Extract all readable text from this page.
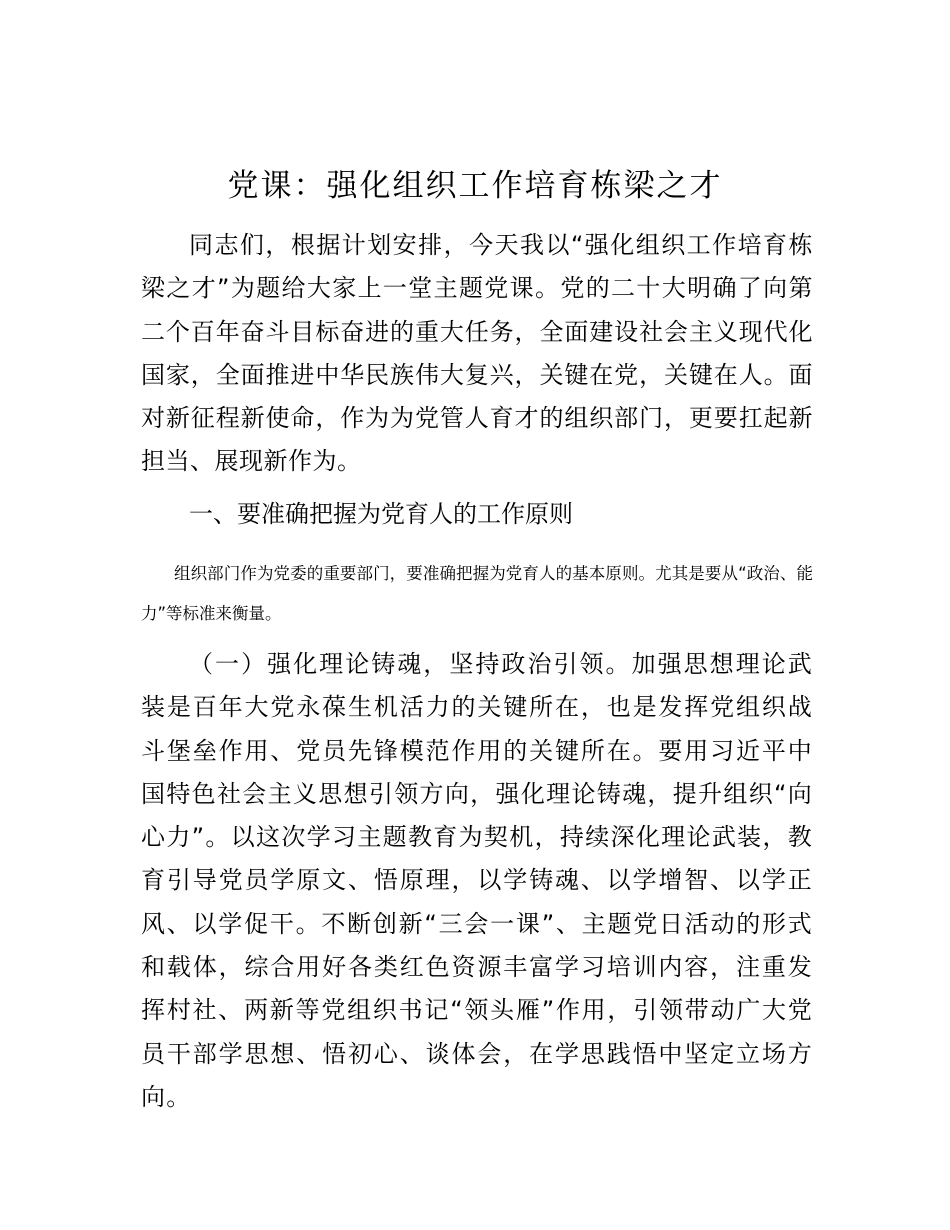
党课：强化组织工作培育栋梁之才

同志们，根据计划安排，今天我以“强化组织工作培育栋梁之才”为题给大家上一堂主题党课。党的二十大明确了向第二个百年奋斗目标奋进的重大任务，全面建设社会主义现代化国家，全面推进中华民族伟大复兴，关键在党，关键在人。面对新征程新使命，作为为党管人育才的组织部门，更要扛起新担当、展现新作为。

一、要准确把握为党育人的工作原则

组织部门作为党委的重要部门，要准确把握为党育人的基本原则。尤其是要从“政治、能力”等标准来衡量。

（一）强化理论铸魂，坚持政治引领。加强思想理论武装是百年大党永葆生机活力的关键所在，也是发挥党组织战斗堡垒作用、党员先锋模范作用的关键所在。要用习近平中国特色社会主义思想引领方向，强化理论铸魂，提升组织“向心力”。以这次学习主题教育为契机，持续深化理论武装，教育引导党员学原文、悟原理，以学铸魂、以学增智、以学正风、以学促干。不断创新“三会一课”、主题党日活动的形式和载体，综合用好各类红色资源丰富学习培训内容，注重发挥村社、两新等党组织书记“领头雁”作用，引领带动广大党员干部学思想、悟初心、谈体会，在学思践悟中坚定立场方向。
